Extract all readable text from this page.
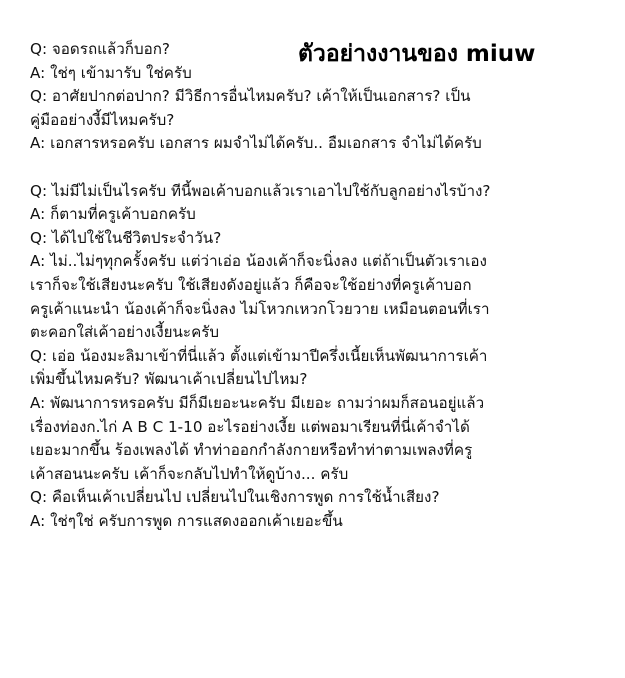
ตัวอย่างงานของ miuw
Q: จอดรถแล้วก็บอก?
A: ใช่ๆ เข้ามารับ ใช่ครับ
Q: อาศัยปากต่อปาก? มีวิธีการอื่นไหมครับ? เค้าให้เป็นเอกสาร? เป็น
คู่มืออย่างงี้มีไหมครับ?
A: เอกสารหรอครับ เอกสาร ผมจำไม่ได้ครับ.. อืมเอกสาร จำไม่ได้ครับ
Q: ไม่มีไม่เป็นไรครับ ทีนี้พอเค้าบอกแล้วเราเอาไปใช้กับลูกอย่างไรบ้าง?
A: ก็ตามที่ครูเค้าบอกครับ
Q: ได้ไปใช้ในชีวิตประจำวัน?
A: ไม่..ไม่ๆทุกครั้งครับ แต่ว่าเอ่อ น้องเค้าก็จะนิ่งลง แต่ถ้าเป็นตัวเราเอง
เราก็จะใช้เสียงนะครับ ใช้เสียงดังอยู่แล้ว ก็คือจะใช้อย่างที่ครูเค้าบอก
ครูเค้าแนะนำ น้องเค้าก็จะนิ่งลง ไม่โหวกเหวกโวยวาย เหมือนตอนที่เรา
ตะคอกใส่เค้าอย่างเงี้ยนะครับ
Q: เอ่อ น้องมะลิมาเข้าที่นี่แล้ว ตั้งแต่เข้ามาปีครึ่งเนี้ยเห็นพัฒนาการเค้า
เพิ่มขึ้นไหมครับ? พัฒนาเค้าเปลี่ยนไปไหม?
A: พัฒนาการหรอครับ มีก็มีเยอะนะครับ มีเยอะ ถามว่าผมก็สอนอยู่แล้ว
เรื่องท่องก.ไก่ A B C 1-10 อะไรอย่างเงี้ย แต่พอมาเรียนที่นี่เค้าจำได้
เยอะมากขึ้น ร้องเพลงได้ ทำท่าออกกำลังกายหรือทำท่าตามเพลงที่ครู
เค้าสอนนะครับ เค้าก็จะกลับไปทำให้ดูบ้าง... ครับ
Q: คือเห็นเค้าเปลี่ยนไป เปลี่ยนไปในเชิงการพูด การใช้น้ำเสียง?
A: ใช่ๆใช่ ครับการพูด การแสดงออกเค้าเยอะขึ้น
